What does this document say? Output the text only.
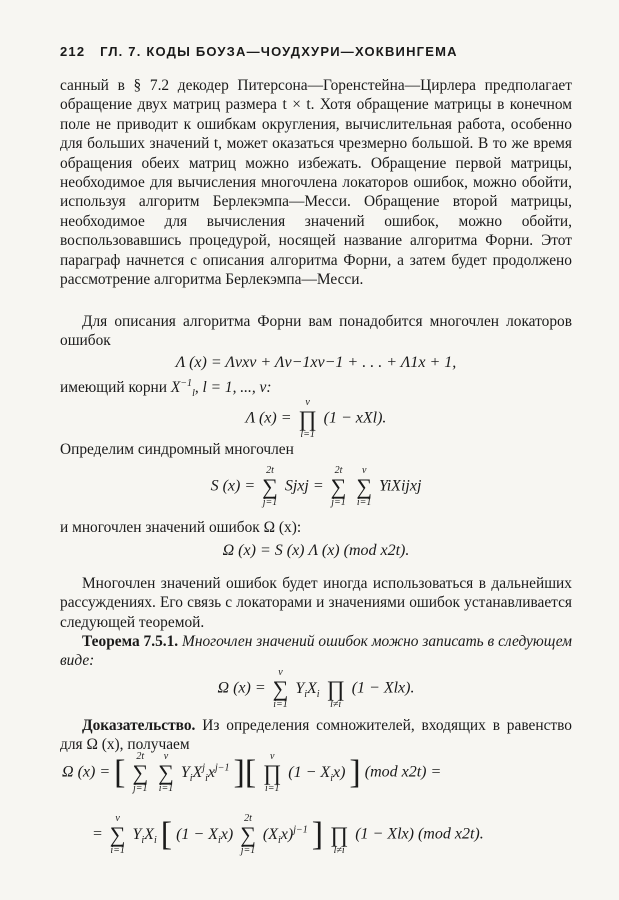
212 ГЛ. 7. КОДЫ БОУЗА—ЧОУДХУРИ—ХОКВИНГЕМА
санный в § 7.2 декодер Питерсона—Горенстейна—Цирлера предполагает обращение двух матриц размера t × t. Хотя обращение матрицы в конечном поле не приводит к ошибкам округления, вычислительная работа, особенно для больших значений t, может оказаться чрезмерно большой. В то же время обращения обеих матриц можно избежать. Обращение первой матрицы, необходимое для вычисления многочлена локаторов ошибок, можно обойти, используя алгоритм Берлекэмпа—Месси. Обращение второй матрицы, необходимое для вычисления значений ошибок, можно обойти, воспользовавшись процедурой, носящей название алгоритма Форни. Этот параграф начнется с описания алгоритма Форни, а затем будет продолжено рассмотрение алгоритма Берлекэмпа—Месси.
Для описания алгоритма Форни вам понадобится многочлен локаторов ошибок
Λ (x) = Λνxν + Λν−1xν−1 + . . . + Λ1x + 1,
имеющий корни $X^{-1}_l$, l = 1, ..., ν:
Λ (x) =
ν
∏
l=1
(1 − xXl).
Определим синдромный многочлен
S (x) =
2t
∑
j=1
Sjxj =
2t
∑
j=1

ν
∑
i=1
YiXijxj
и многочлен значений ошибок Ω (x):
Ω (x) = S (x) Λ (x) (mod x2t).
Многочлен значений ошибок будет иногда использоваться в дальнейших рассуждениях. Его связь с локаторами и значениями ошибок устанавливается следующей теоремой.
Теорема 7.5.1. Многочлен значений ошибок можно записать в следующем виде:
Ω (x) =
ν
∑
i=1
$Y_iX_i$
∏
l≠i
(1 − Xlx).
Доказательство. Из определения сомножителей, входящих в равенство для Ω (x), получаем
Ω (x) = [	2t
∑
j=1

ν
∑
i=1
$Y_iX^j_ix^{j-1}$ ][	ν
∏
i=1
$(1 - X_ix)$ ] (mod x2t) =
=
ν
∑
i=1
$Y_iX_i$ [ $(1 - X_ix)$
2t
∑
j=1
$(X_ix)^{j-1}$ ]
∏
l≠i
(1 − Xlx) (mod x2t).
